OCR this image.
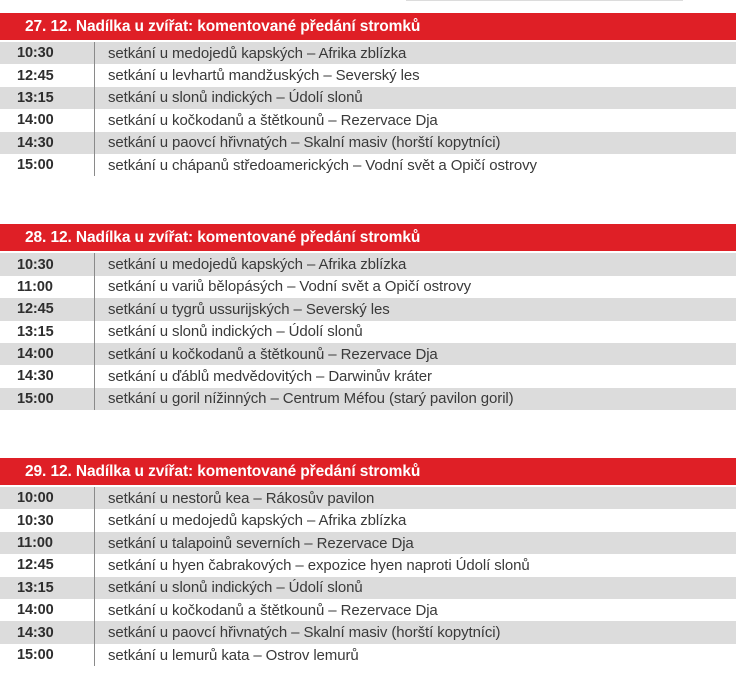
27. 12. Nadílka u zvířat: komentované předání stromků
10:30	setkání u medojedů kapských – Afrika zblízka
12:45	setkání u levhartů mandžuských – Severský les
13:15	setkání u slonů indických – Údolí slonů
14:00	setkání u kočkodanů a štětkounů – Rezervace Dja
14:30	setkání u paovcí hřivnatých – Skalní masiv (horští kopytníci)
15:00	setkání u chápanů středoamerických – Vodní svět a Opičí ostrovy
28. 12. Nadílka u zvířat: komentované předání stromků
10:30	setkání u medojedů kapských – Afrika zblízka
11:00	setkání u variů bělopásých – Vodní svět a Opičí ostrovy
12:45	setkání u tygrů ussurijských – Severský les
13:15	setkání u slonů indických – Údolí slonů
14:00	setkání u kočkodanů a štětkounů – Rezervace Dja
14:30	setkání u ďáblů medvědovitých – Darwinův kráter
15:00	setkání u goril nížinných – Centrum Méfou (starý pavilon goril)
29. 12. Nadílka u zvířat: komentované předání stromků
10:00	setkání u nestorů kea – Rákosův pavilon
10:30	setkání u medojedů kapských – Afrika zblízka
11:00	setkání u talapoinů severních – Rezervace Dja
12:45	setkání u hyen čabrakových – expozice hyen naproti Údolí slonů
13:15	setkání u slonů indických – Údolí slonů
14:00	setkání u kočkodanů a štětkounů – Rezervace Dja
14:30	setkání u paovcí hřivnatých – Skalní masiv (horští kopytníci)
15:00	setkání u lemurů kata – Ostrov lemurů
